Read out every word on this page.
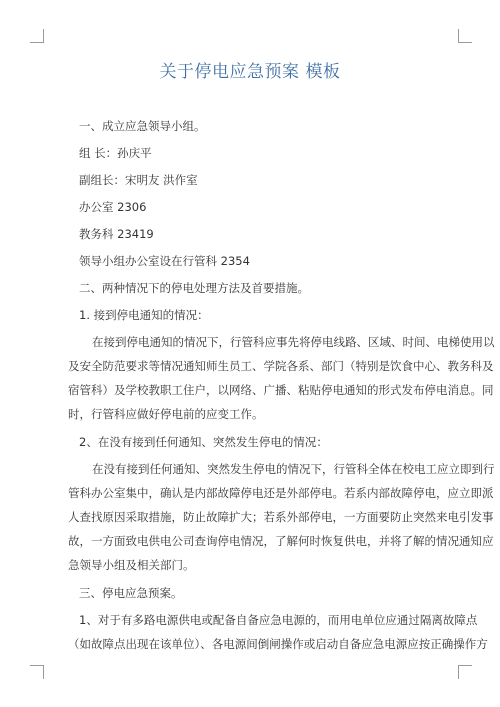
关于停电应急预案 模板
一、成立应急领导小组。
组 长：孙庆平
副组长：宋明友 洪作室
办公室 2306
教务科 23419
领导小组办公室设在行管科 2354
二、两种情况下的停电处理方法及首要措施。
1. 接到停电通知的情况：
在接到停电通知的情况下，行管科应事先将停电线路、区域、时间、电梯使用以
及安全防范要求等情况通知师生员工、学院各系、部门（特别是饮食中心、教务科及
宿管科）及学校教职工住户，以网络、广播、粘贴停电通知的形式发布停电消息。同
时，行管科应做好停电前的应变工作。
2、在没有接到任何通知、突然发生停电的情况：
在没有接到任何通知、突然发生停电的情况下，行管科全体在校电工应立即到行
管科办公室集中，确认是内部故障停电还是外部停电。若系内部故障停电，应立即派
人查找原因采取措施，防止故障扩大；若系外部停电，一方面要防止突然来电引发事
故，一方面致电供电公司查询停电情况，了解何时恢复供电，并将了解的情况通知应
急领导小组及相关部门。
三、停电应急预案。
1、对于有多路电源供电或配备自备应急电源的，而用电单位应通过隔离故障点
（如故障点出现在该单位）、各电源间倒闸操作或启动自备应急电源应按正确操作方
